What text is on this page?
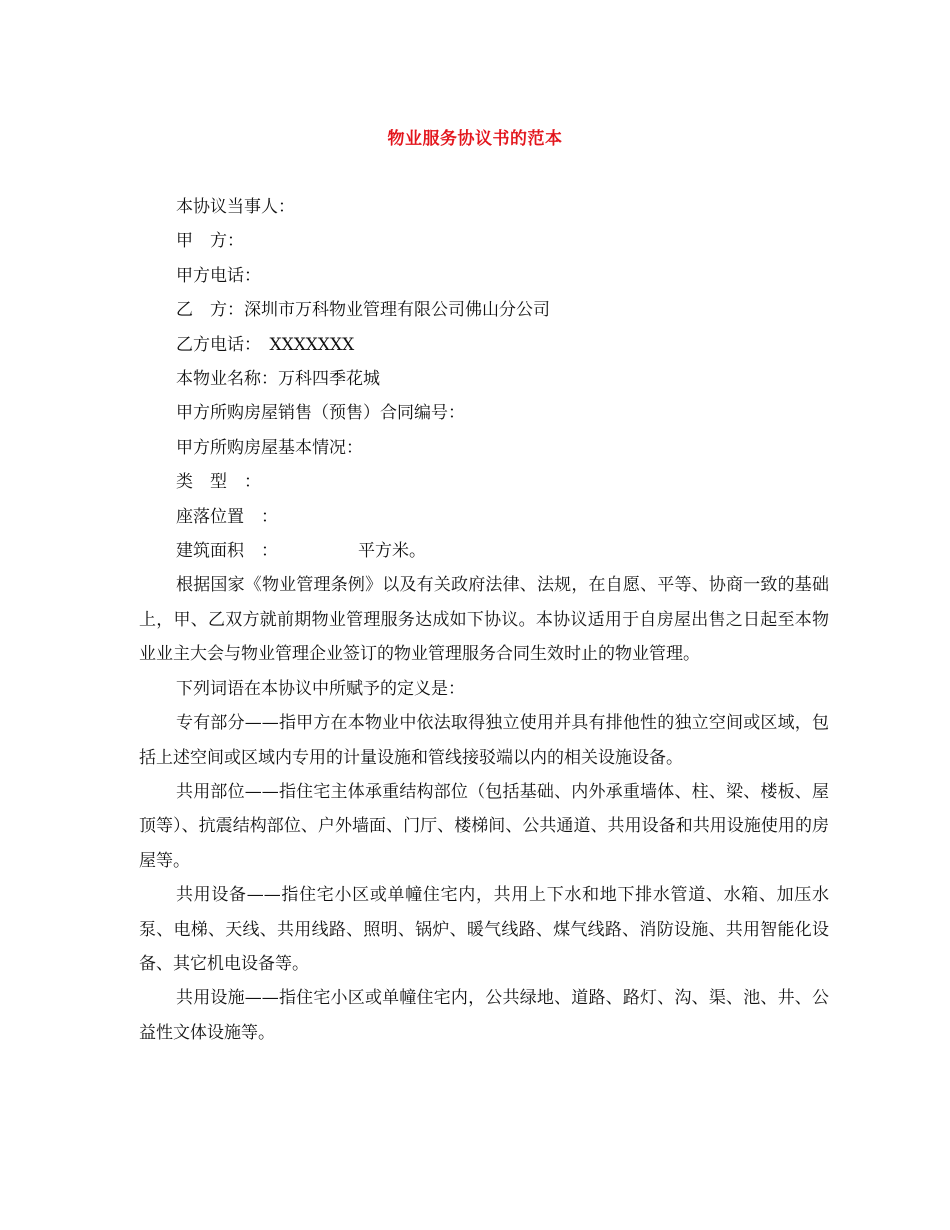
物业服务协议书的范本
本协议当事人：
甲　方：
甲方电话：
乙　方：深圳市万科物业管理有限公司佛山分公司
乙方电话：　XXXXXXX
本物业名称：万科四季花城
甲方所购房屋销售（预售）合同编号：
甲方所购房屋基本情况：
类　型　：
座落位置　：
建筑面积　：	平方米。
根据国家《物业管理条例》以及有关政府法律、法规，在自愿、平等、协商一致的基础上，甲、乙双方就前期物业管理服务达成如下协议。本协议适用于自房屋出售之日起至本物业业主大会与物业管理企业签订的物业管理服务合同生效时止的物业管理。
下列词语在本协议中所赋予的定义是：
专有部分——指甲方在本物业中依法取得独立使用并具有排他性的独立空间或区域，包括上述空间或区域内专用的计量设施和管线接驳端以内的相关设施设备。
共用部位——指住宅主体承重结构部位（包括基础、内外承重墙体、柱、梁、楼板、屋顶等）、抗震结构部位、户外墙面、门厅、楼梯间、公共通道、共用设备和共用设施使用的房屋等。
共用设备——指住宅小区或单幢住宅内，共用上下水和地下排水管道、水箱、加压水泵、电梯、天线、共用线路、照明、锅炉、暖气线路、煤气线路、消防设施、共用智能化设备、其它机电设备等。
共用设施——指住宅小区或单幢住宅内，公共绿地、道路、路灯、沟、渠、池、井、公益性文体设施等。
